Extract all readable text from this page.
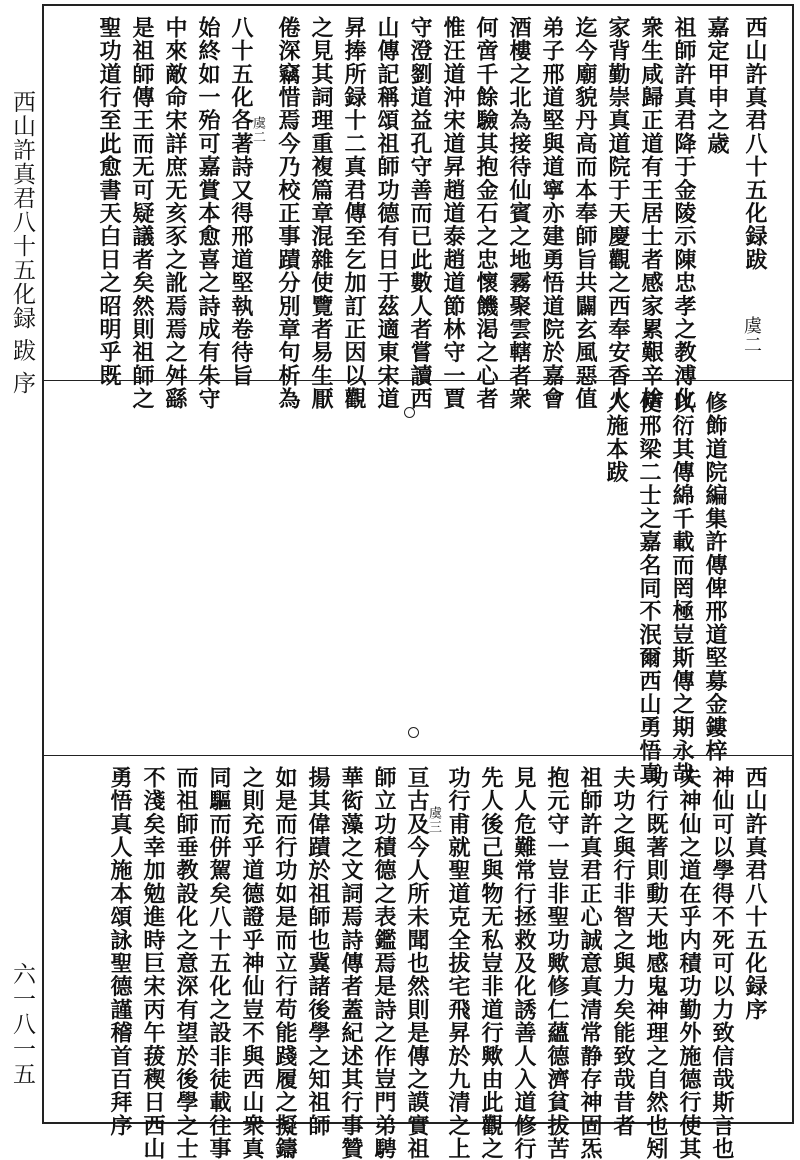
西山許真君八十五化録 跋 序
六一八一五
西山許真君八十五化録跋
虞二
嘉定甲申之歳
祖師許真君降于金陵示陳忠孝之教溥化
衆生咸歸正道有王居士者感家累艱辛捨
家背勤崇真道院于天慶觀之西奉安香火
迄今廟貌丹高而本奉師旨共闢玄風惡值
弟子邢道堅與道寧亦建勇悟道院於嘉會
酒樓之北為接待仙賓之地霧聚雲轄者衆
何啻千餘驗其抱金石之忠懷饑渇之心者
惟汪道沖宋道昇趙道泰趙道節林守一賈
守澄劉道益孔守善而已此數人者嘗讀西
山傳記稱頌祖師功德有日于茲適東宋道
昇捧所録十二真君傳至乞加訂正因以觀
之見其詞理重複篇章混雜使覽者易生厭
倦深竊惜焉今乃校正事蹟分別章句析為
虞二
八十五化各著詩又得邢道堅執卷待旨
始終如一殆可嘉賞本愈喜之詩成有朱守
中來敵命宋詳庶无亥豕之訛焉焉之舛繇
是祖師傳王而无可疑議者矣然則祖師之
聖功道行至此愈書天白日之昭明乎既
修飾道院編集許傳俾邢道堅募金鏤梓
以衍其傳綿千載而罔極豈斯傳之期永哉
使邢梁二士之嘉名同不泯爾西山勇悟真
人施本跋
西山許真君八十五化録序
神仙可以學得不死可以力致信哉斯言也
夫神仙之道在乎内積功勤外施德行使其
功行既著則動天地感鬼神理之自然也矧
夫功之與行非智之與力矣能致哉昔者
祖師許真君正心誠意真清常静存神固炁
抱元守一豈非聖功歟修仁蘊德濟貧拔苦
見人危難常行拯救及化誘善人入道修行
先人後己與物无私豈非道行歟由此觀之
功行甫就聖道克全拔宅飛昇於九清之上
虞三
亘古及今人所未聞也然則是傳之謨實祖
師立功積德之表鑑焉是詩之作豈門弟騁
華衒藻之文詞焉詩傳者蓋紀述其行事贊
揚其偉蹟於祖師也冀諸後學之知祖師
如是而行功如是而立行苟能踐履之擬鑄
之則充乎道德證乎神仙豈不與西山衆真
同驅而併駕矣八十五化之設非徒載往事
而祖師垂教設化之意深有望於後學之士
不淺矣幸加勉進時巨宋丙午菝稧日西山
勇悟真人施本頌詠聖德謹稽首百拜序
